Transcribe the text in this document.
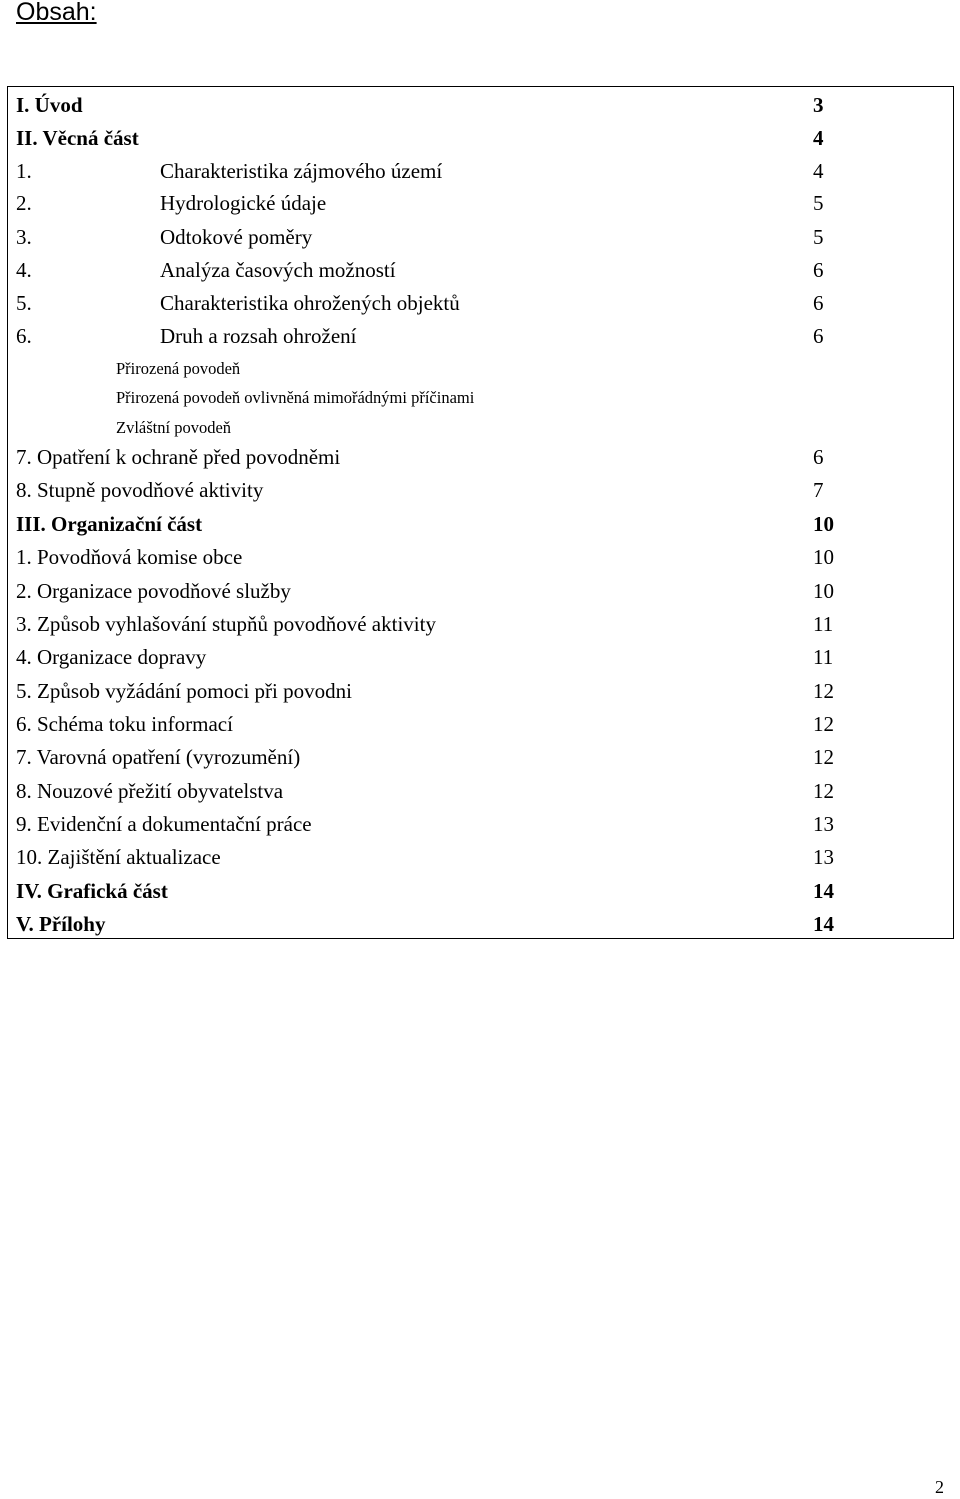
Obsah:
I. Úvod	3
II. Věcná část	4
1.	Charakteristika zájmového území	4
2.	Hydrologické údaje	5
3.	Odtokové poměry	5
4.	Analýza časových možností	6
5.	Charakteristika ohrožených objektů	6
6.	Druh a rozsah ohrožení	6
Přirozená povodeň
Přirozená povodeň ovlivněná mimořádnými příčinami
Zvláštní povodeň
7. Opatření k ochraně před povodněmi	6
8. Stupně povodňové aktivity	7
III. Organizační část	10
1. Povodňová komise obce	10
2. Organizace povodňové služby	10
3. Způsob vyhlašování stupňů povodňové aktivity	11
4. Organizace dopravy	11
5. Způsob vyžádání pomoci při povodni	12
6. Schéma toku informací	12
7. Varovná opatření (vyrozumění)	12
8. Nouzové přežití obyvatelstva	12
9. Evidenční a dokumentační práce	13
10. Zajištění aktualizace	13
IV. Grafická část	14
V. Přílohy	14
2
